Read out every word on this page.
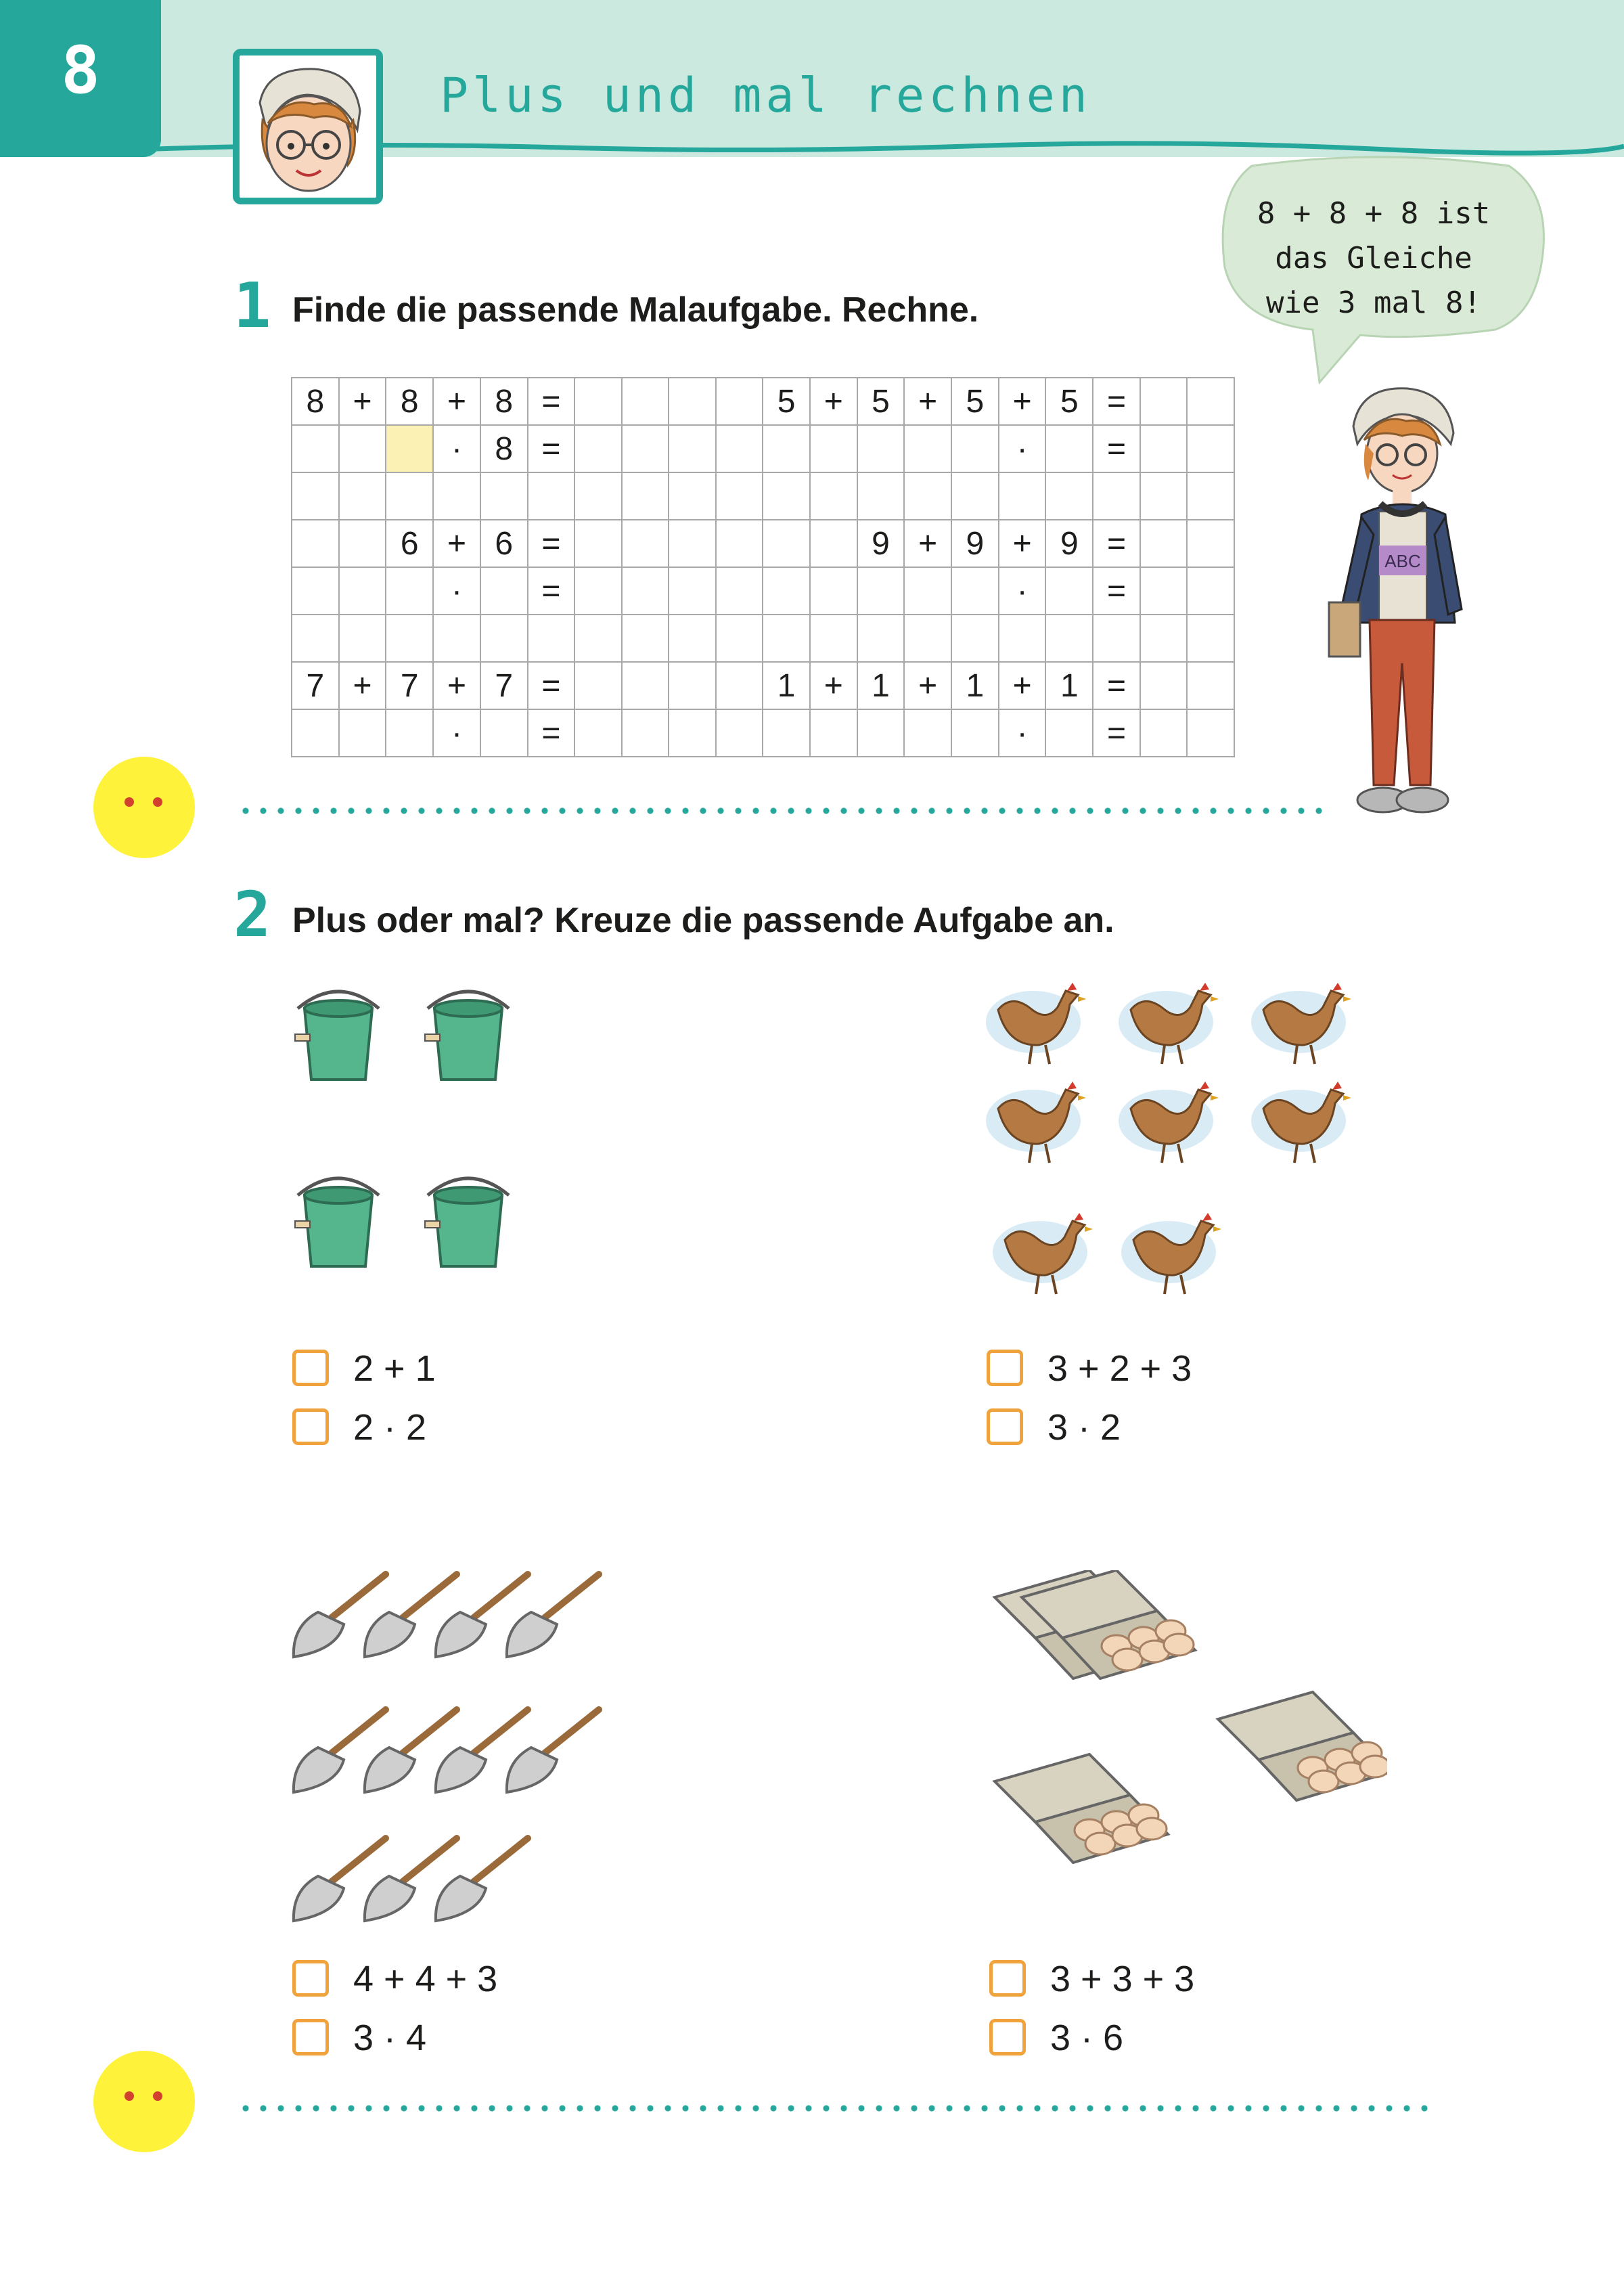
8	Plus und mal rechnen
8 + 8 + 8 ist
das Gleiche
wie 3 mal 8!
ABC
1 Finde die passende Malaufgabe. Rechne.
8	+	8	+	8	=					5	+	5	+	5	+	5	=		
			·	8	=										·		=		

		6	+	6	=							9	+	9	+	9	=		
			·		=										·		=		

7	+	7	+	7	=					1	+	1	+	1	+	1	=		
			·		=										·		=		
2 Plus oder mal? Kreuze die passende Aufgabe an.
2 + 1
2 · 2
3 + 2 + 3
3 · 2
4 + 4 + 3
3 · 4
3 + 3 + 3
3 · 6
